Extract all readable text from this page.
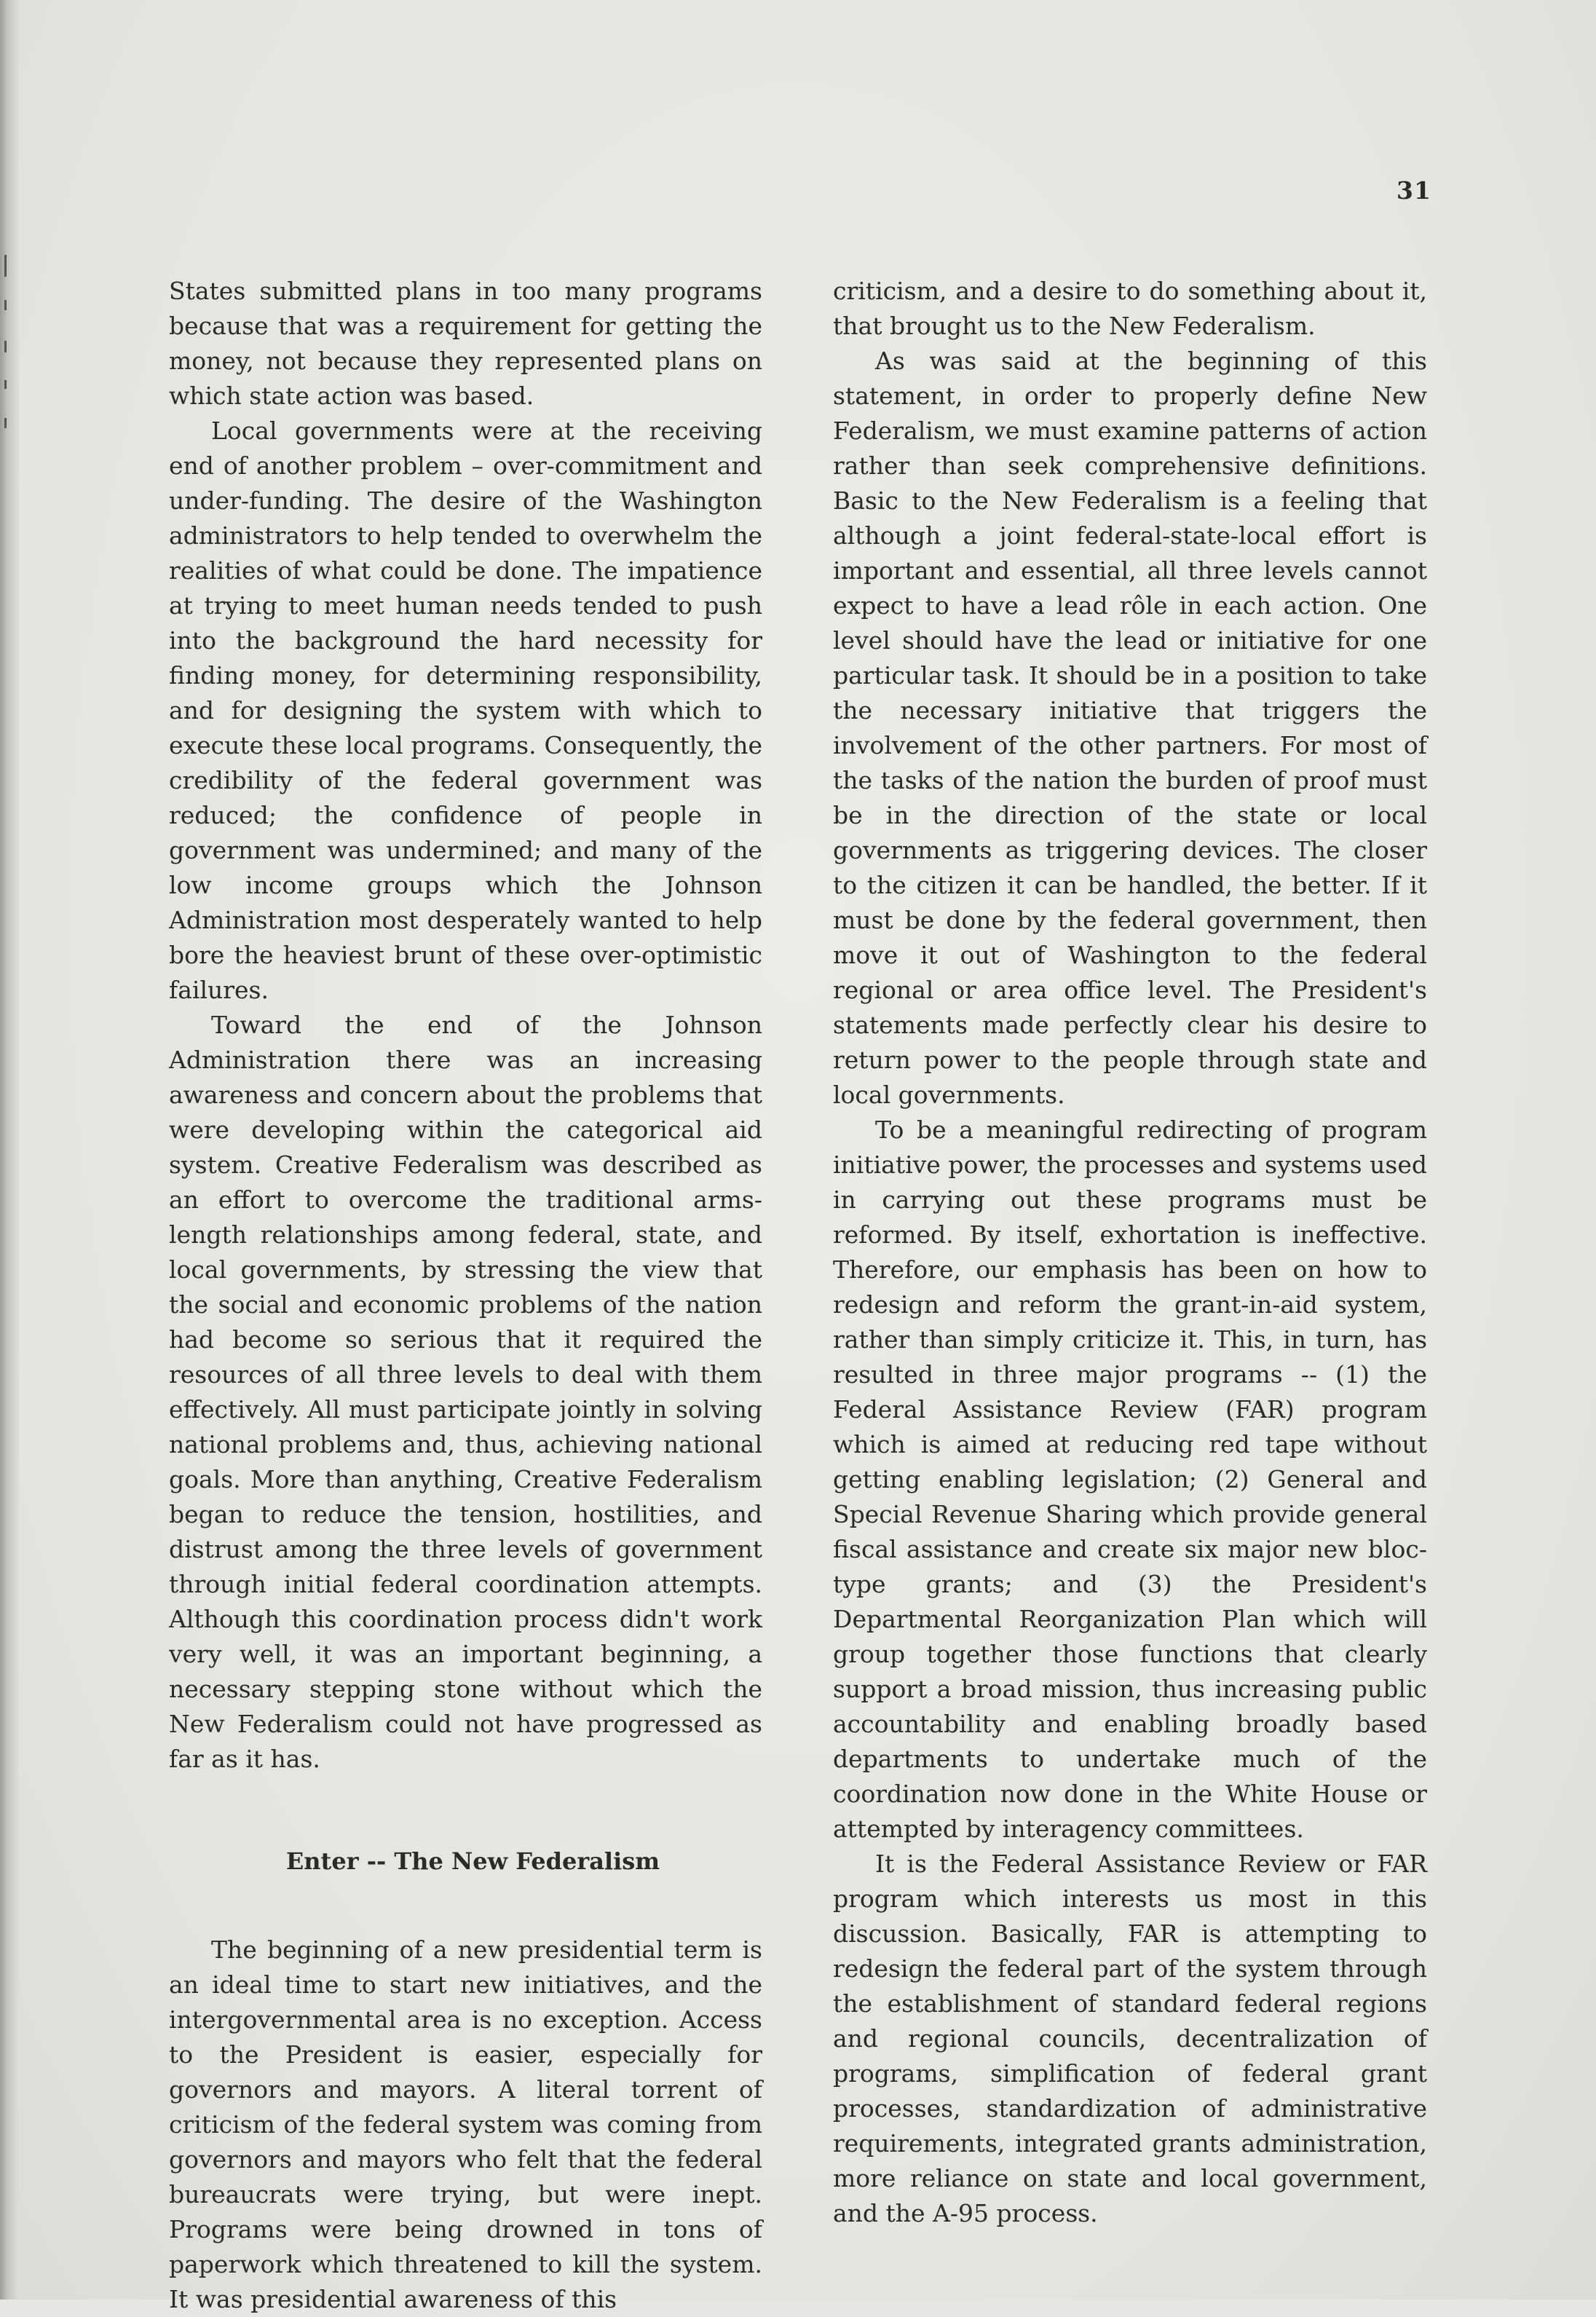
31

States submitted plans in too many programs because that was a requirement for getting the money, not because they represented plans on which state action was based.

Local governments were at the receiving end of another problem – over-commitment and under-funding. The desire of the Washington administrators to help tended to overwhelm the realities of what could be done. The impatience at trying to meet human needs tended to push into the background the hard necessity for finding money, for determining responsibility, and for designing the system with which to execute these local programs. Consequently, the credibility of the federal government was reduced; the confidence of people in government was undermined; and many of the low income groups which the Johnson Administration most desperately wanted to help bore the heaviest brunt of these over-optimistic failures.

Toward the end of the Johnson Administration there was an increasing awareness and concern about the problems that were developing within the categorical aid system. Creative Federalism was described as an effort to overcome the traditional arms-length relationships among federal, state, and local governments, by stressing the view that the social and economic problems of the nation had become so serious that it required the resources of all three levels to deal with them effectively. All must participate jointly in solving national problems and, thus, achieving national goals. More than anything, Creative Federalism began to reduce the tension, hostilities, and distrust among the three levels of government through initial federal coordination attempts. Although this coordination process didn't work very well, it was an important beginning, a necessary stepping stone without which the New Federalism could not have progressed as far as it has.

Enter -- The New Federalism

The beginning of a new presidential term is an ideal time to start new initiatives, and the intergovernmental area is no exception. Access to the President is easier, especially for governors and mayors. A literal torrent of criticism of the federal system was coming from governors and mayors who felt that the federal bureaucrats were trying, but were inept. Programs were being drowned in tons of paperwork which threatened to kill the system. It was presidential awareness of this

criticism, and a desire to do something about it, that brought us to the New Federalism.

As was said at the beginning of this statement, in order to properly define New Federalism, we must examine patterns of action rather than seek comprehensive definitions. Basic to the New Federalism is a feeling that although a joint federal-state-local effort is important and essential, all three levels cannot expect to have a lead rôle in each action. One level should have the lead or initiative for one particular task. It should be in a position to take the necessary initiative that triggers the involvement of the other partners. For most of the tasks of the nation the burden of proof must be in the direction of the state or local governments as triggering devices. The closer to the citizen it can be handled, the better. If it must be done by the federal government, then move it out of Washington to the federal regional or area office level. The President's statements made perfectly clear his desire to return power to the people through state and local governments.

To be a meaningful redirecting of program initiative power, the processes and systems used in carrying out these programs must be reformed. By itself, exhortation is ineffective. Therefore, our emphasis has been on how to redesign and reform the grant-in-aid system, rather than simply criticize it. This, in turn, has resulted in three major programs -- (1) the Federal Assistance Review (FAR) program which is aimed at reducing red tape without getting enabling legislation; (2) General and Special Revenue Sharing which provide general fiscal assistance and create six major new bloc-type grants; and (3) the President's Departmental Reorganization Plan which will group together those functions that clearly support a broad mission, thus increasing public accountability and enabling broadly based departments to undertake much of the coordination now done in the White House or attempted by interagency committees.

It is the Federal Assistance Review or FAR program which interests us most in this discussion. Basically, FAR is attempting to redesign the federal part of the system through the establishment of standard federal regions and regional councils, decentralization of programs, simplification of federal grant processes, standardization of administrative requirements, integrated grants administration, more reliance on state and local government, and the A-95 process.
